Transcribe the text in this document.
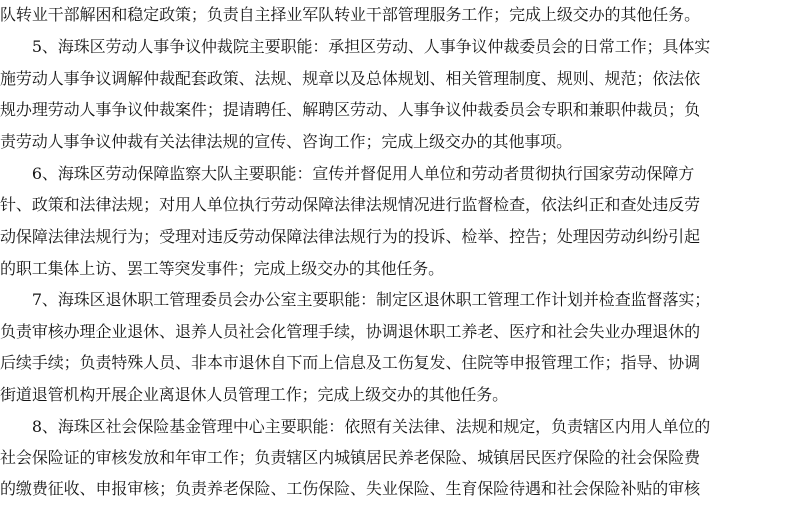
队转业干部解困和稳定政策；负责自主择业军队转业干部管理服务工作；完成上级交办的其他任务。
　　5、海珠区劳动人事争议仲裁院主要职能：承担区劳动、人事争议仲裁委员会的日常工作；具体实
施劳动人事争议调解仲裁配套政策、法规、规章以及总体规划、相关管理制度、规则、规范；依法依
规办理劳动人事争议仲裁案件；提请聘任、解聘区劳动、人事争议仲裁委员会专职和兼职仲裁员；负
责劳动人事争议仲裁有关法律法规的宣传、咨询工作；完成上级交办的其他事项。
　　6、海珠区劳动保障监察大队主要职能：宣传并督促用人单位和劳动者贯彻执行国家劳动保障方
针、政策和法律法规；对用人单位执行劳动保障法律法规情况进行监督检查，依法纠正和查处违反劳
动保障法律法规行为；受理对违反劳动保障法律法规行为的投诉、检举、控告；处理因劳动纠纷引起
的职工集体上访、罢工等突发事件；完成上级交办的其他任务。
　　7、海珠区退休职工管理委员会办公室主要职能：制定区退休职工管理工作计划并检查监督落实；
负责审核办理企业退休、退养人员社会化管理手续，协调退休职工养老、医疗和社会失业办理退休的
后续手续；负责特殊人员、非本市退休自下而上信息及工伤复发、住院等申报管理工作；指导、协调
街道退管机构开展企业离退休人员管理工作；完成上级交办的其他任务。
　　8、海珠区社会保险基金管理中心主要职能：依照有关法律、法规和规定，负责辖区内用人单位的
社会保险证的审核发放和年审工作；负责辖区内城镇居民养老保险、城镇居民医疗保险的社会保险费
的缴费征收、申报审核；负责养老保险、工伤保险、失业保险、生育保险待遇和社会保险补贴的审核
